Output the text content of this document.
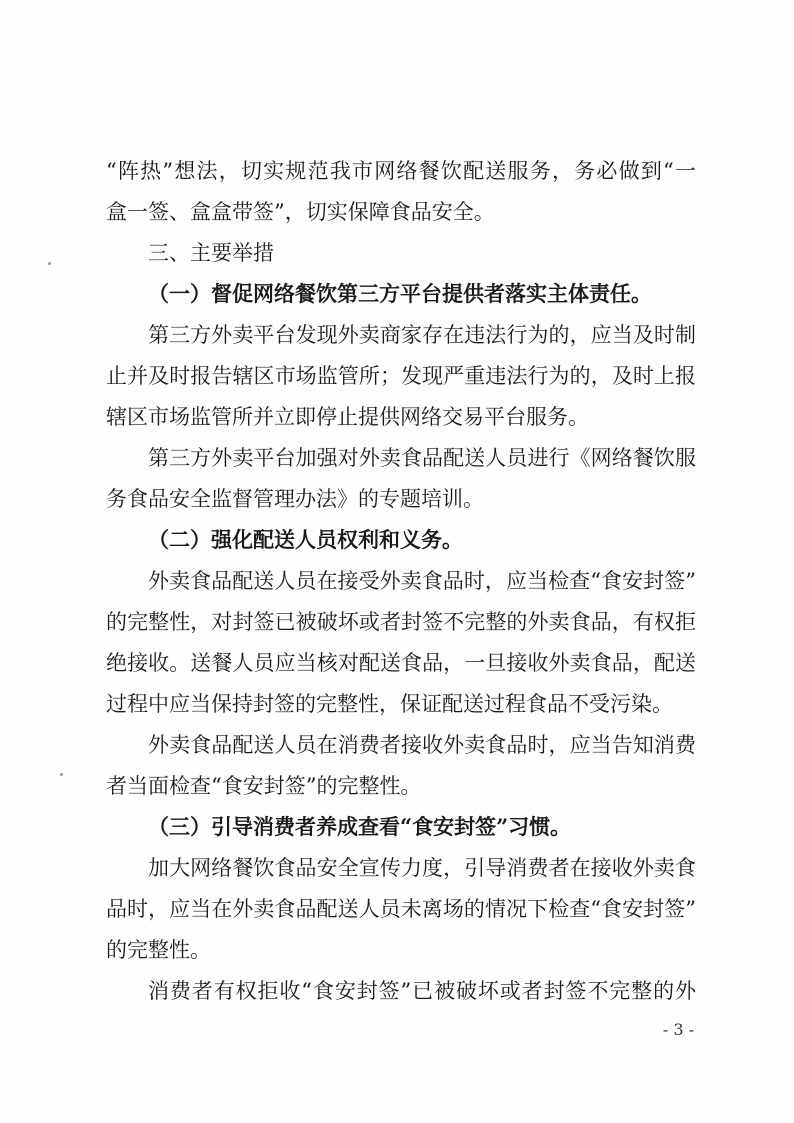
“阵热”想法，切实规范我市网络餐饮配送服务，务必做到“一
盒一签、盒盒带签”，切实保障食品安全。
三、主要举措
（一）督促网络餐饮第三方平台提供者落实主体责任。
第三方外卖平台发现外卖商家存在违法行为的，应当及时制
止并及时报告辖区市场监管所；发现严重违法行为的，及时上报
辖区市场监管所并立即停止提供网络交易平台服务。
第三方外卖平台加强对外卖食品配送人员进行《网络餐饮服
务食品安全监督管理办法》的专题培训。
（二）强化配送人员权利和义务。
外卖食品配送人员在接受外卖食品时，应当检查“食安封签”
的完整性，对封签已被破坏或者封签不完整的外卖食品，有权拒
绝接收。送餐人员应当核对配送食品，一旦接收外卖食品，配送
过程中应当保持封签的完整性，保证配送过程食品不受污染。
外卖食品配送人员在消费者接收外卖食品时，应当告知消费
者当面检查“食安封签”的完整性。
（三）引导消费者养成查看“食安封签”习惯。
加大网络餐饮食品安全宣传力度，引导消费者在接收外卖食
品时，应当在外卖食品配送人员未离场的情况下检查“食安封签”
的完整性。
消费者有权拒收“食安封签”已被破坏或者封签不完整的外
- 3 -
